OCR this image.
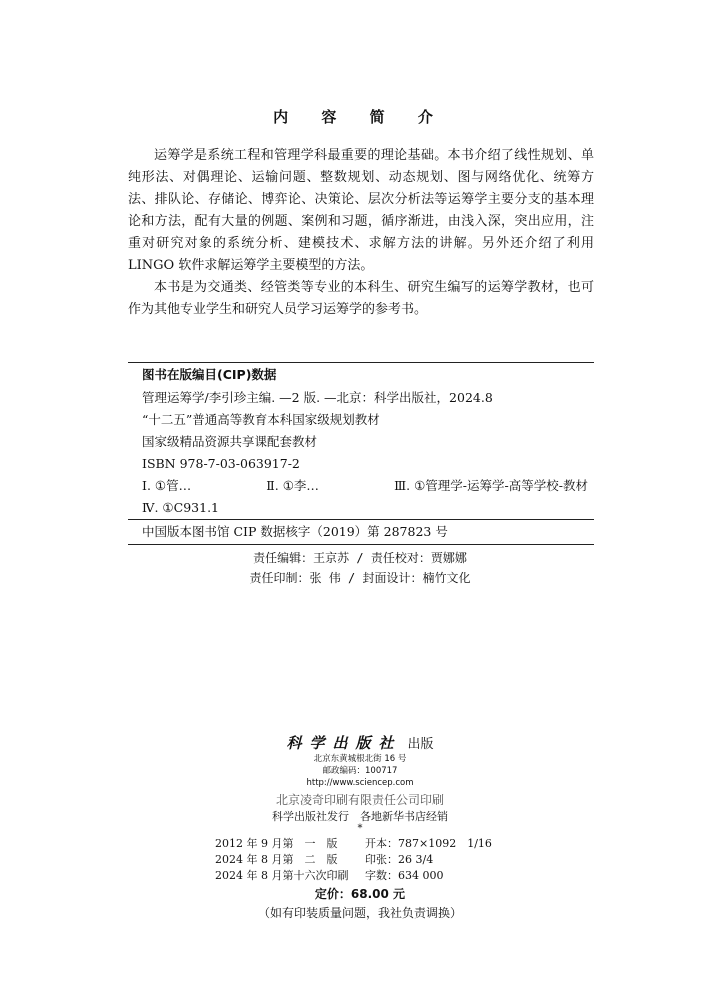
内 容 简 介

运筹学是系统工程和管理学科最重要的理论基础。本书介绍了线性规划、单纯形法、对偶理论、运输问题、整数规划、动态规划、图与网络优化、统筹方法、排队论、存储论、博弈论、决策论、层次分析法等运筹学主要分支的基本理论和方法，配有大量的例题、案例和习题，循序渐进，由浅入深，突出应用，注重对研究对象的系统分析、建模技术、求解方法的讲解。另外还介绍了利用 LINGO 软件求解运筹学主要模型的方法。

本书是为交通类、经管类等专业的本科生、研究生编写的运筹学教材，也可作为其他专业学生和研究人员学习运筹学的参考书。

图书在版编目(CIP)数据
管理运筹学/李引珍主编. —2 版. —北京：科学出版社，2024.8
“十二五”普通高等教育本科国家级规划教材
国家级精品资源共享课配套教材
ISBN 978-7-03-063917-2
Ⅰ. ①管…	Ⅱ. ①李…	Ⅲ. ①管理学-运筹学-高等学校-教材
Ⅳ. ①C931.1
中国版本图书馆 CIP 数据核字（2019）第 287823 号
责任编辑：王京苏 / 责任校对：贾娜娜
责任印制：张 伟 / 封面设计：楠竹文化
科学出版社 出版
北京东黄城根北街 16 号
邮政编码：100717
http://www.sciencep.com
北京凌奇印刷有限责任公司印刷
科学出版社发行　各地新华书店经销
*
2012 年 9 月第　一　版	开本：787×1092　1/16
2024 年 8 月第　二　版	印张：26 3/4
2024 年 8 月第十六次印刷	字数：634 000
定价：68.00 元
（如有印装质量问题，我社负责调换）
